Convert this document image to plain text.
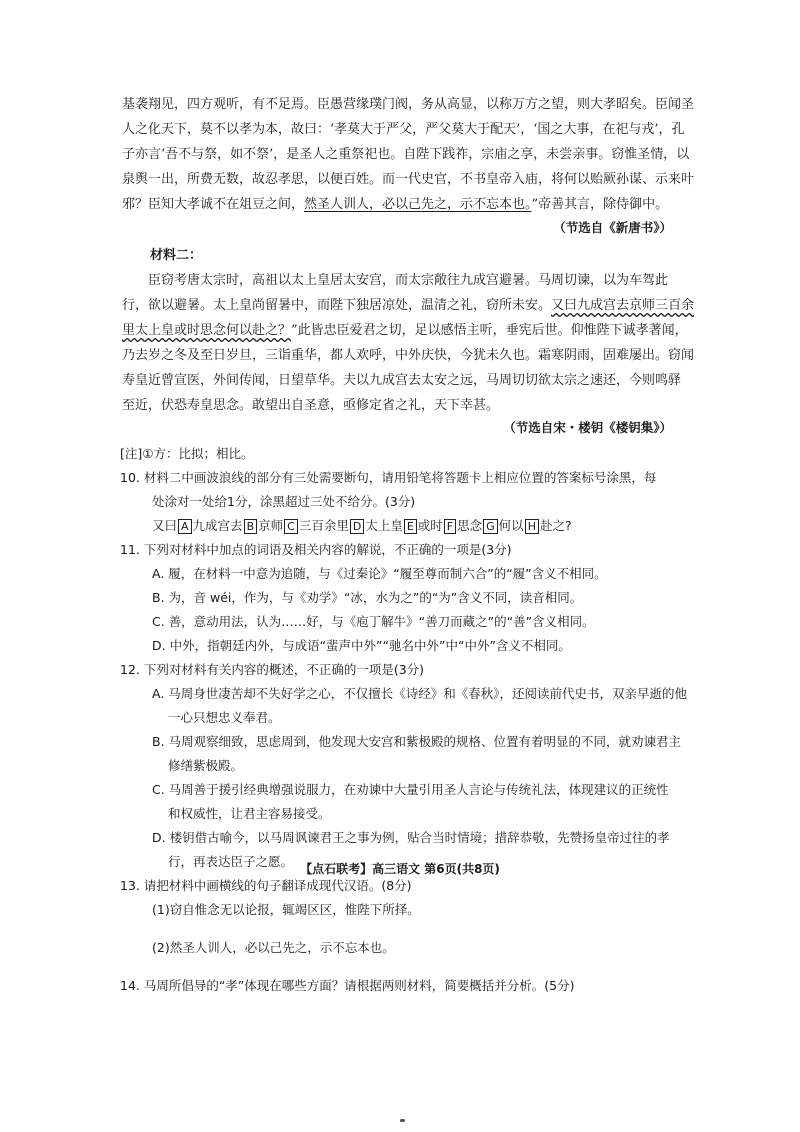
基袭翔见，四方观听，有不足焉。臣愚营缘璞门阀，务从高显，以称万方之望，则大孝昭矣。臣闻圣
人之化天下，莫不以孝为本，故曰：‘孝莫大于严父，严父莫大于配天’，‘国之大事，在祀与戎’，孔
子亦言‘吾不与祭，如不祭’，是圣人之重祭祀也。自陛下践祚，宗庙之享，未尝亲事。窃惟圣情，以
泉舆一出，所费无数，故忍孝思，以便百姓。而一代史官，不书皇帝入庙，将何以贻厥孙谋、示来叶
邪？臣知大孝诚不在俎豆之间，然圣人训人，必以己先之，示不忘本也。”帝善其言，除侍御中。
（节选自《新唐书》）
材料二：
臣窃考唐太宗时，高祖以太上皇居太安宫，而太宗敞往九成宫避暑。马周切谏，以为车驾此
行，欲以避暑。太上皇尚留暑中，而陛下独居凉处，温清之礼，窃所未安。又曰九成宫去京师三百余
里太上皇或时思念何以赴之？”此皆忠臣爱君之切，足以感悟主听，垂宪后世。仰惟陛下诚孝著闻，
乃去岁之冬及至日岁旦，三诣重华，都人欢呼，中外庆快，今犹未久也。霜寒阴雨，固难屡出。窃闻
寿皇近曾宣医，外间传闻，日望草华。夫以九成宫去太安之远，马周切切欲太宗之速还，今则鸣驿
至近，伏恐寿皇思念。敢望出自圣意，亟修定省之礼，天下幸甚。
（节选自宋・楼钥《楼钥集》）
[注]①方：比拟；相比。
10. 材料二中画波浪线的部分有三处需要断句，请用铅笔将答题卡上相应位置的答案标号涂黑，每
处涂对一处给1分，涂黑超过三处不给分。(3分)
又曰 A 九成宫去 B 京师 C 三百余里 D 太上皇 E 或时 F 思念 G 何以 H 赴之?
11. 下列对材料中加点的词语及相关内容的解说，不正确的一项是(3分)
A. 履，在材料一中意为追随，与《过秦论》“履至尊而制六合”的“履”含义不相同。
B. 为，音 wéi，作为，与《劝学》“冰，水为之”的“为”含义不同，读音相同。
C. 善，意动用法，认为……好，与《庖丁解牛》“善刀而藏之”的“善”含义相同。
D. 中外，指朝廷内外，与成语“蜚声中外”“驰名中外”中“中外”含义不相同。
12. 下列对材料有关内容的概述，不正确的一项是(3分)
A. 马周身世凄苦却不失好学之心，不仅擅长《诗经》和《春秋》，还阅读前代史书，双亲早逝的他
一心只想忠义奉君。
B. 马周观察细致，思虑周到，他发现大安宫和紫极殿的规格、位置有着明显的不同，就劝谏君主
修缮紫极殿。
C. 马周善于援引经典增强说服力，在劝谏中大量引用圣人言论与传统礼法，体现建议的正统性
和权威性，让君主容易接受。
D. 楼钥借古喻今，以马周讽谏君王之事为例，贴合当时情境；措辞恭敬，先赞扬皇帝过往的孝
行，再表达臣子之愿。
13. 请把材料中画横线的句子翻译成现代汉语。(8分)
(1)窃自惟念无以论报，辄竭区区，惟陛下所择。
(2)然圣人训人，必以己先之，示不忘本也。
14. 马周所倡导的“孝”体现在哪些方面？请根据两则材料，简要概括并分析。(5分)
【点石联考】高三语文 第6页(共8页)
